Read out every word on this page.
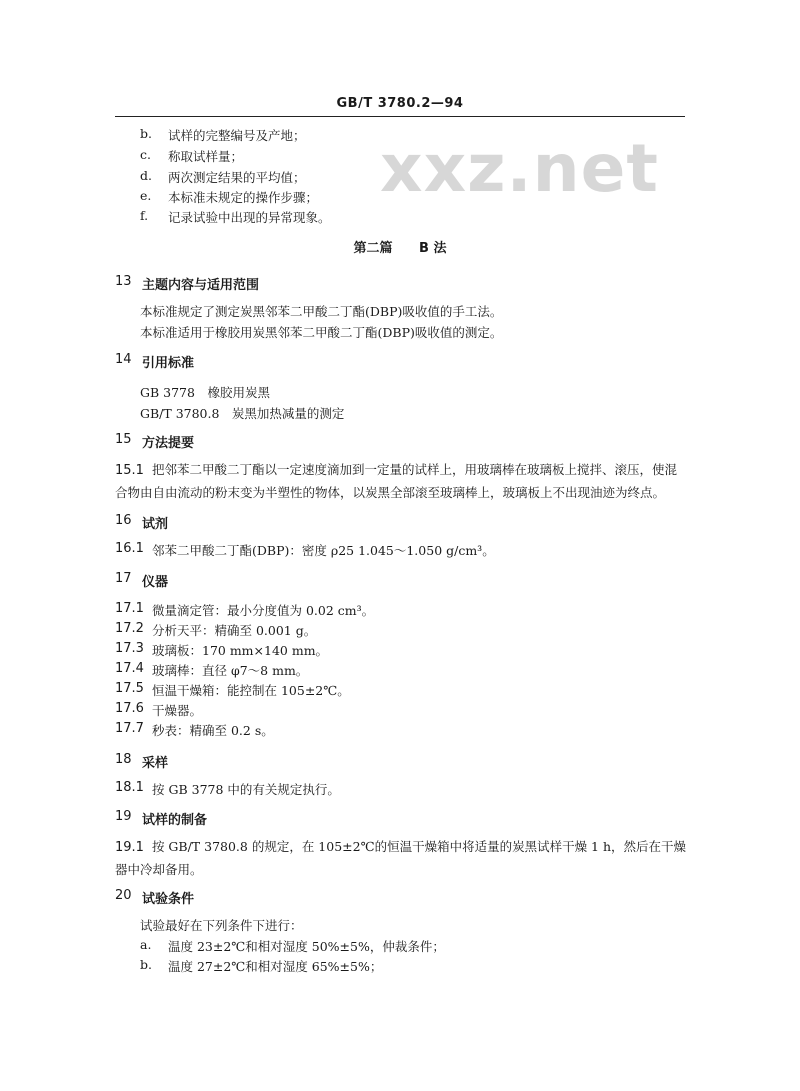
GB/T 3780.2—94
xxz.net
b. 试样的完整编号及产地；
c. 称取试样量；
d. 两次测定结果的平均值；
e. 本标准未规定的操作步骤；
f. 记录试验中出现的异常现象。
第二篇 B 法
13 主题内容与适用范围
本标准规定了测定炭黑邻苯二甲酸二丁酯(DBP)吸收值的手工法。
本标准适用于橡胶用炭黑邻苯二甲酸二丁酯(DBP)吸收值的测定。
14 引用标准
GB 3778　橡胶用炭黑
GB/T 3780.8　炭黑加热减量的测定
15 方法提要
15.1 把邻苯二甲酸二丁酯以一定速度滴加到一定量的试样上，用玻璃棒在玻璃板上搅拌、滚压，使混合物由自由流动的粉末变为半塑性的物体，以炭黑全部滚至玻璃棒上，玻璃板上不出现油迹为终点。
16 试剂
16.1 邻苯二甲酸二丁酯(DBP)：密度 ρ25 1.045～1.050 g/cm³。
17 仪器
17.1 微量滴定管：最小分度值为 0.02 cm³。
17.2 分析天平：精确至 0.001 g。
17.3 玻璃板：170 mm×140 mm。
17.4 玻璃棒：直径 φ7～8 mm。
17.5 恒温干燥箱：能控制在 105±2℃。
17.6 干燥器。
17.7 秒表：精确至 0.2 s。
18 采样
18.1 按 GB 3778 中的有关规定执行。
19 试样的制备
19.1 按 GB/T 3780.8 的规定，在 105±2℃的恒温干燥箱中将适量的炭黑试样干燥 1 h，然后在干燥器中冷却备用。
20 试验条件
试验最好在下列条件下进行：
a. 温度 23±2℃和相对湿度 50%±5%，仲裁条件；
b. 温度 27±2℃和相对湿度 65%±5%；
